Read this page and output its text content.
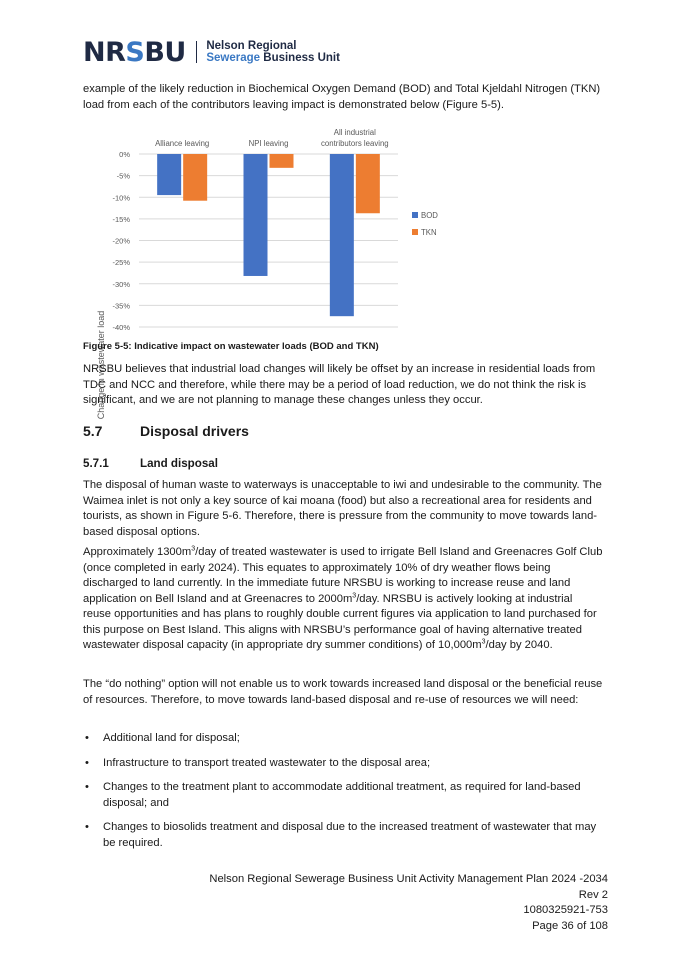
NRSBU Nelson Regional
Sewerage Business Unit

example of the likely reduction in Biochemical Oxygen Demand (BOD) and Total Kjeldahl Nitrogen (TKN) load from each of the contributors leaving impact is demonstrated below (Figure 5-5).

0%
-5%
-10%
-15%
-20%
-25%
-30%
-35%
-40%
Alliance leaving	NPI leaving
All industrial
contributors leaving
BOD
TKN
Change in wastewater load
Figure 5-5: Indicative impact on wastewater loads (BOD and TKN)

NRSBU believes that industrial load changes will likely be offset by an increase in residential loads from TDC and NCC and therefore, while there may be a period of load reduction, we do not think the risk is significant, and we are not planning to manage these changes unless they occur.

5.7	Disposal drivers
5.7.1	Land disposal

The disposal of human waste to waterways is unacceptable to iwi and undesirable to the community. The Waimea inlet is not only a key source of kai moana (food) but also a recreational area for residents and tourists, as shown in Figure 5-6. Therefore, there is pressure from the community to move towards land-based disposal options.

Approximately $1300m^3$/day of treated wastewater is used to irrigate Bell Island and Greenacres Golf Club (once completed in early 2024). This equates to approximately 10% of dry weather flows being discharged to land currently. In the immediate future NRSBU is working to increase reuse and land application on Bell Island and at Greenacres to $2000m^3$/day. NRSBU is actively looking at industrial reuse opportunities and has plans to roughly double current figures via application to land purchased for this purpose on Best Island. This aligns with NRSBU’s performance goal of having alternative treated wastewater disposal capacity (in appropriate dry summer conditions) of $10,000m^3$/day by 2040.

The “do nothing” option will not enable us to work towards increased land disposal or the beneficial reuse of resources. Therefore, to move towards land-based disposal and re-use of resources we will need:

• Additional land for disposal;
• Infrastructure to transport treated wastewater to the disposal area;
• Changes to the treatment plant to accommodate additional treatment, as required for land-based disposal; and
• Changes to biosolids treatment and disposal due to the increased treatment of wastewater that may be required.
Nelson Regional Sewerage Business Unit Activity Management Plan 2024 -2034
Rev 2
1080325921-753
Page 36 of 108
